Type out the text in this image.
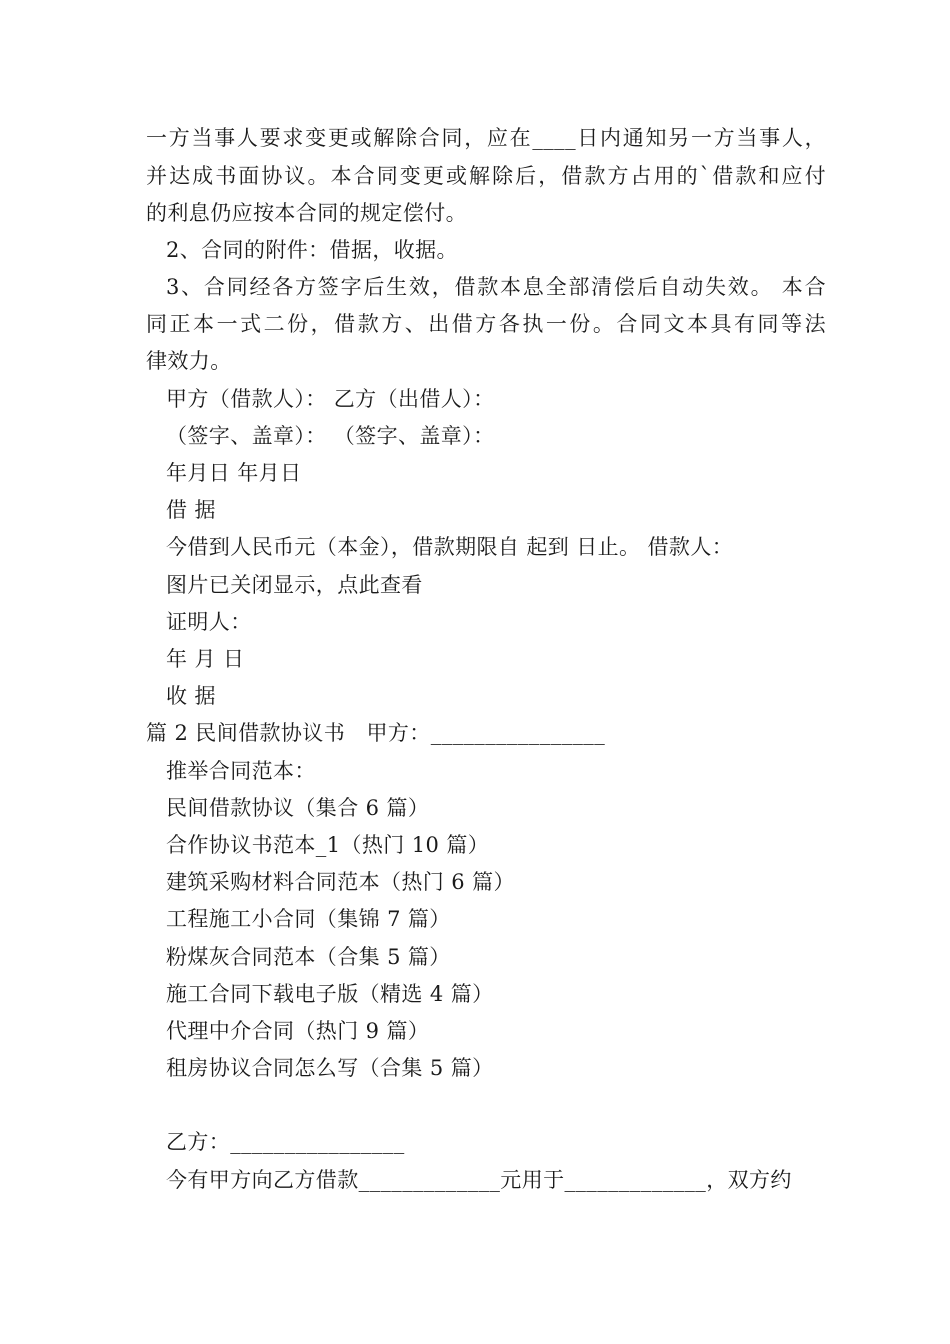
一方当事人要求变更或解除合同，应在____日内通知另一方当事人，
并达成书面协议。本合同变更或解除后，借款方占用的`借款和应付
的利息仍应按本合同的规定偿付。
2、合同的附件：借据，收据。
3、合同经各方签字后生效，借款本息全部清偿后自动失效。 本合
同正本一式二份，借款方、出借方各执一份。合同文本具有同等法
律效力。
甲方（借款人）： 乙方（出借人）：
（签字、盖章）： （签字、盖章）：
年月日 年月日
借 据
今借到人民币元（本金），借款期限自 起到 日止。 借款人：
图片已关闭显示，点此查看
证明人：
年 月 日
收 据
篇 2 民间借款协议书　甲方：________________
推举合同范本：
民间借款协议（集合 6 篇）
合作协议书范本_1（热门 10 篇）
建筑采购材料合同范本（热门 6 篇）
工程施工小合同（集锦 7 篇）
粉煤灰合同范本（合集 5 篇）
施工合同下载电子版（精选 4 篇）
代理中介合同（热门 9 篇）
租房协议合同怎么写（合集 5 篇）
乙方：________________
今有甲方向乙方借款_____________元用于_____________，双方约
